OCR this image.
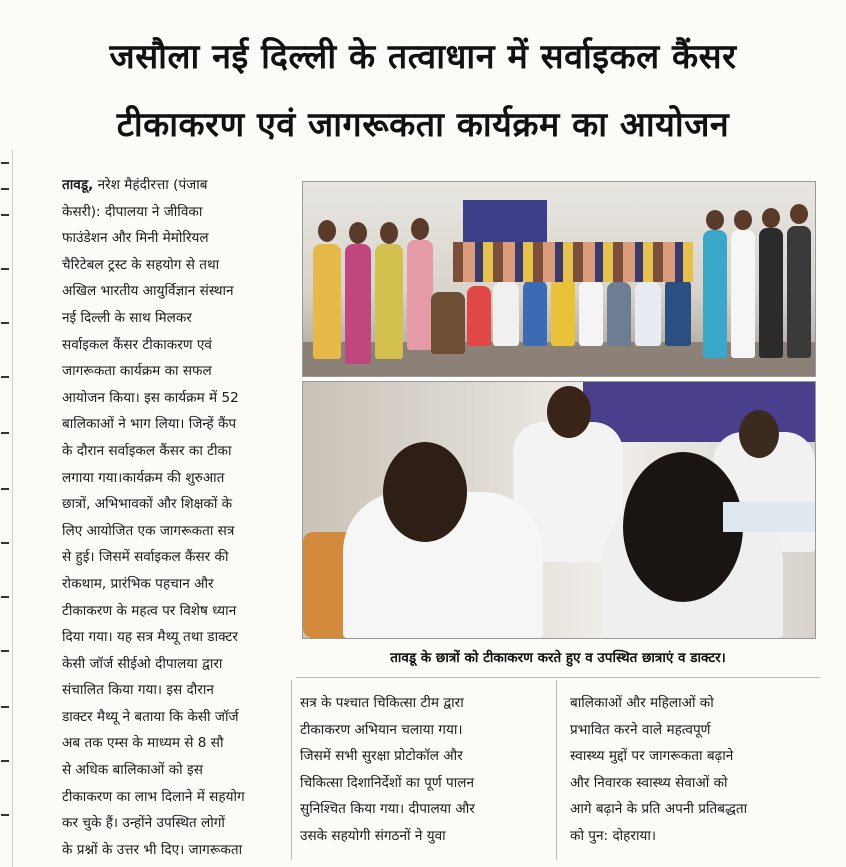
जसौला नई दिल्ली के तत्वाधान में सर्वाइकल कैंसर
टीकाकरण एवं जागरूकता कार्यक्रम का आयोजन
तावडू, नरेश मैहंदीरत्ता (पंजाब
केसरी): दीपालया ने जीविका
फाउंडेशन और मिनी मेमोरियल
चैरिटेबल ट्रस्ट के सहयोग से तथा
अखिल भारतीय आयुर्विज्ञान संस्थान
नई दिल्ली के साथ मिलकर
सर्वाइकल कैंसर टीकाकरण एवं
जागरूकता कार्यक्रम का सफल
आयोजन किया। इस कार्यक्रम में 52
बालिकाओं ने भाग लिया। जिन्हें कैंप
के दौरान सर्वाइकल कैंसर का टीका
लगाया गया।कार्यक्रम की शुरुआत
छात्रों, अभिभावकों और शिक्षकों के
लिए आयोजित एक जागरूकता सत्र
से हुई। जिसमें सर्वाइकल कैंसर की
रोकथाम, प्रारंभिक पहचान और
टीकाकरण के महत्व पर विशेष ध्यान
दिया गया। यह सत्र मैथ्यू तथा डाक्टर
केसी जॉर्ज सीईओ दीपालया द्वारा
संचालित किया गया। इस दौरान
डाक्टर मैथ्यू ने बताया कि केसी जॉर्ज
अब तक एम्स के माध्यम से 8 सौ
से अधिक बालिकाओं को इस
टीकाकरण का लाभ दिलाने में सहयोग
कर चुके हैं। उन्होंने उपस्थित लोगों
के प्रश्नों के उत्तर भी दिए। जागरूकता
तावडू के छात्रों को टीकाकरण करते हुए व उपस्थित छात्राएं व डाक्टर।
सत्र के पश्चात चिकित्सा टीम द्वारा
टीकाकरण अभियान चलाया गया।
जिसमें सभी सुरक्षा प्रोटोकॉल और
चिकित्सा दिशानिर्देशों का पूर्ण पालन
सुनिश्चित किया गया। दीपालया और
उसके सहयोगी संगठनों ने युवा
बालिकाओं और महिलाओं को
प्रभावित करने वाले महत्वपूर्ण
स्वास्थ्य मुद्दों पर जागरूकता बढ़ाने
और निवारक स्वास्थ्य सेवाओं को
आगे बढ़ाने के प्रति अपनी प्रतिबद्धता
को पुन: दोहराया।
